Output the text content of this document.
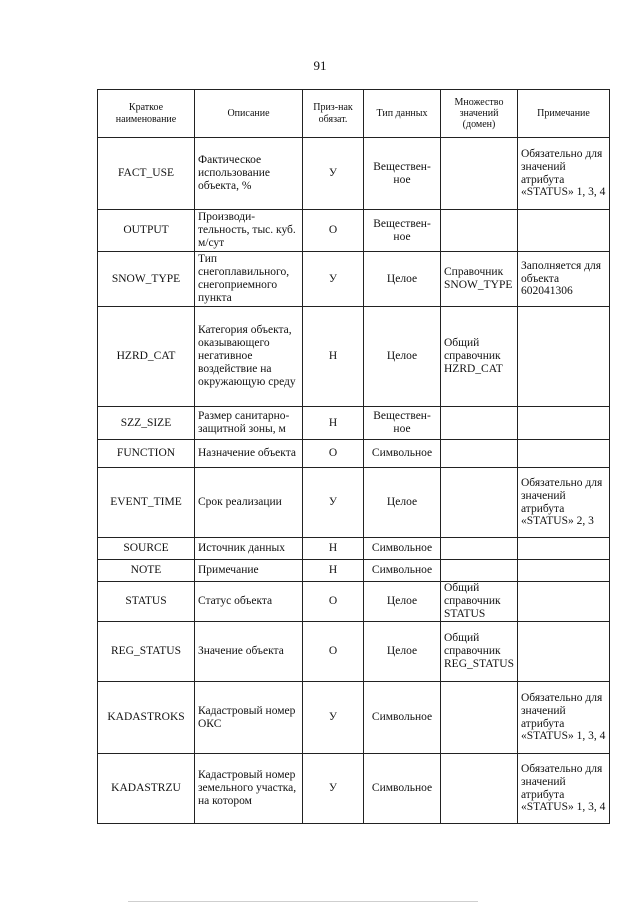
91
Краткое наименование	Описание	Приз-нак обязат.	Тип данных	Множество значений (домен)	Примечание
FACT_USE	Фактическое использование объекта, %	У	Веществен-ное		Обязательно для значений атрибута «STATUS» 1, 3, 4
OUTPUT	Производи-тельность, тыс. куб. м/сут	О	Веществен-ное		
SNOW_TYPE	Тип снегоплавильного, снегоприемного пункта	У	Целое	Справочник SNOW_TYPE	Заполняется для объекта 602041306
HZRD_CAT	Категория объекта, оказывающего негативное воздействие на окружающую среду	Н	Целое	Общий справочник HZRD_CAT	
SZZ_SIZE	Размер санитарно-защитной зоны, м	Н	Веществен-ное		
FUNCTION	Назначение объекта	О	Символьное		
EVENT_TIME	Срок реализации	У	Целое		Обязательно для значений атрибута «STATUS» 2, 3
SOURCE	Источник данных	Н	Символьное		
NOTE	Примечание	Н	Символьное		
STATUS	Статус объекта	О	Целое	Общий справочник STATUS	
REG_STATUS	Значение объекта	О	Целое	Общий справочник REG_STATUS	
KADASTROKS	Кадастровый номер ОКС	У	Символьное		Обязательно для значений атрибута «STATUS» 1, 3, 4
KADASTRZU	Кадастровый номер земельного участка, на котором	У	Символьное		Обязательно для значений атрибута «STATUS» 1, 3, 4
